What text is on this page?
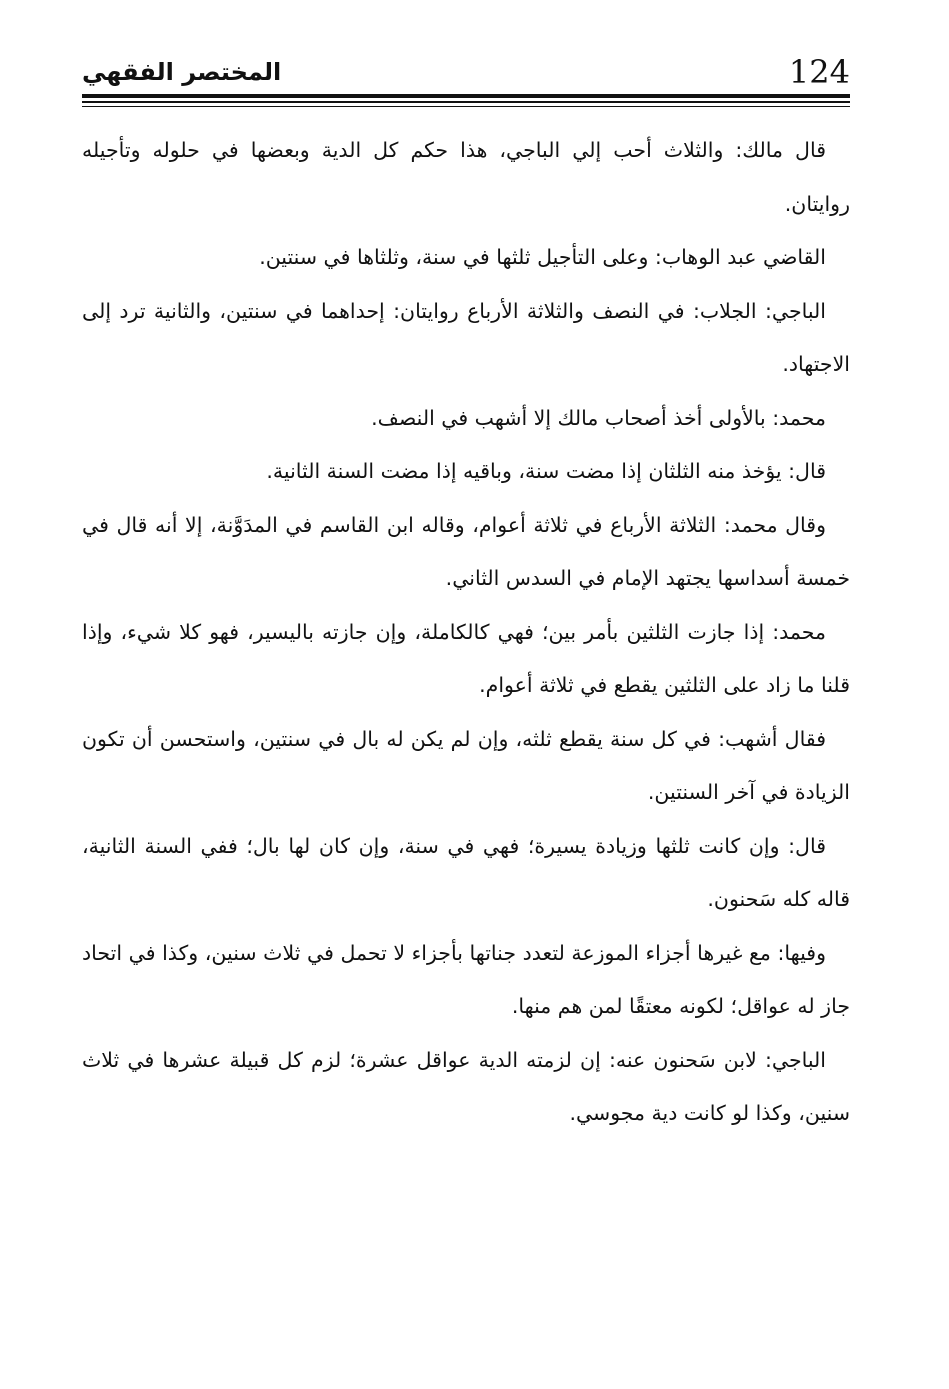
124
المختصر الفقهي

قال مالك: والثلاث أحب إلي الباجي، هذا حكم كل الدية وبعضها في حلوله وتأجيله روايتان.

القاضي عبد الوهاب: وعلى التأجيل ثلثها في سنة، وثلثاها في سنتين.

الباجي: الجلاب: في النصف والثلاثة الأرباع روايتان: إحداهما في سنتين، والثانية ترد إلى الاجتهاد.

محمد: بالأولى أخذ أصحاب مالك إلا أشهب في النصف.

قال: يؤخذ منه الثلثان إذا مضت سنة، وباقيه إذا مضت السنة الثانية.

وقال محمد: الثلاثة الأرباع في ثلاثة أعوام، وقاله ابن القاسم في المدَوَّنة، إلا أنه قال في خمسة أسداسها يجتهد الإمام في السدس الثاني.

محمد: إذا جازت الثلثين بأمر بين؛ فهي كالكاملة، وإن جازته باليسير، فهو كلا شيء، وإذا قلنا ما زاد على الثلثين يقطع في ثلاثة أعوام.

فقال أشهب: في كل سنة يقطع ثلثه، وإن لم يكن له بال في سنتين، واستحسن أن تكون الزيادة في آخر السنتين.

قال: وإن كانت ثلثها وزيادة يسيرة؛ فهي في سنة، وإن كان لها بال؛ ففي السنة الثانية، قاله كله سَحنون.

وفيها: مع غيرها أجزاء الموزعة لتعدد جناتها بأجزاء لا تحمل في ثلاث سنين، وكذا في اتحاد جاز له عواقل؛ لكونه معتقًا لمن هم منها.

الباجي: لابن سَحنون عنه: إن لزمته الدية عواقل عشرة؛ لزم كل قبيلة عشرها في ثلاث سنين، وكذا لو كانت دية مجوسي.
